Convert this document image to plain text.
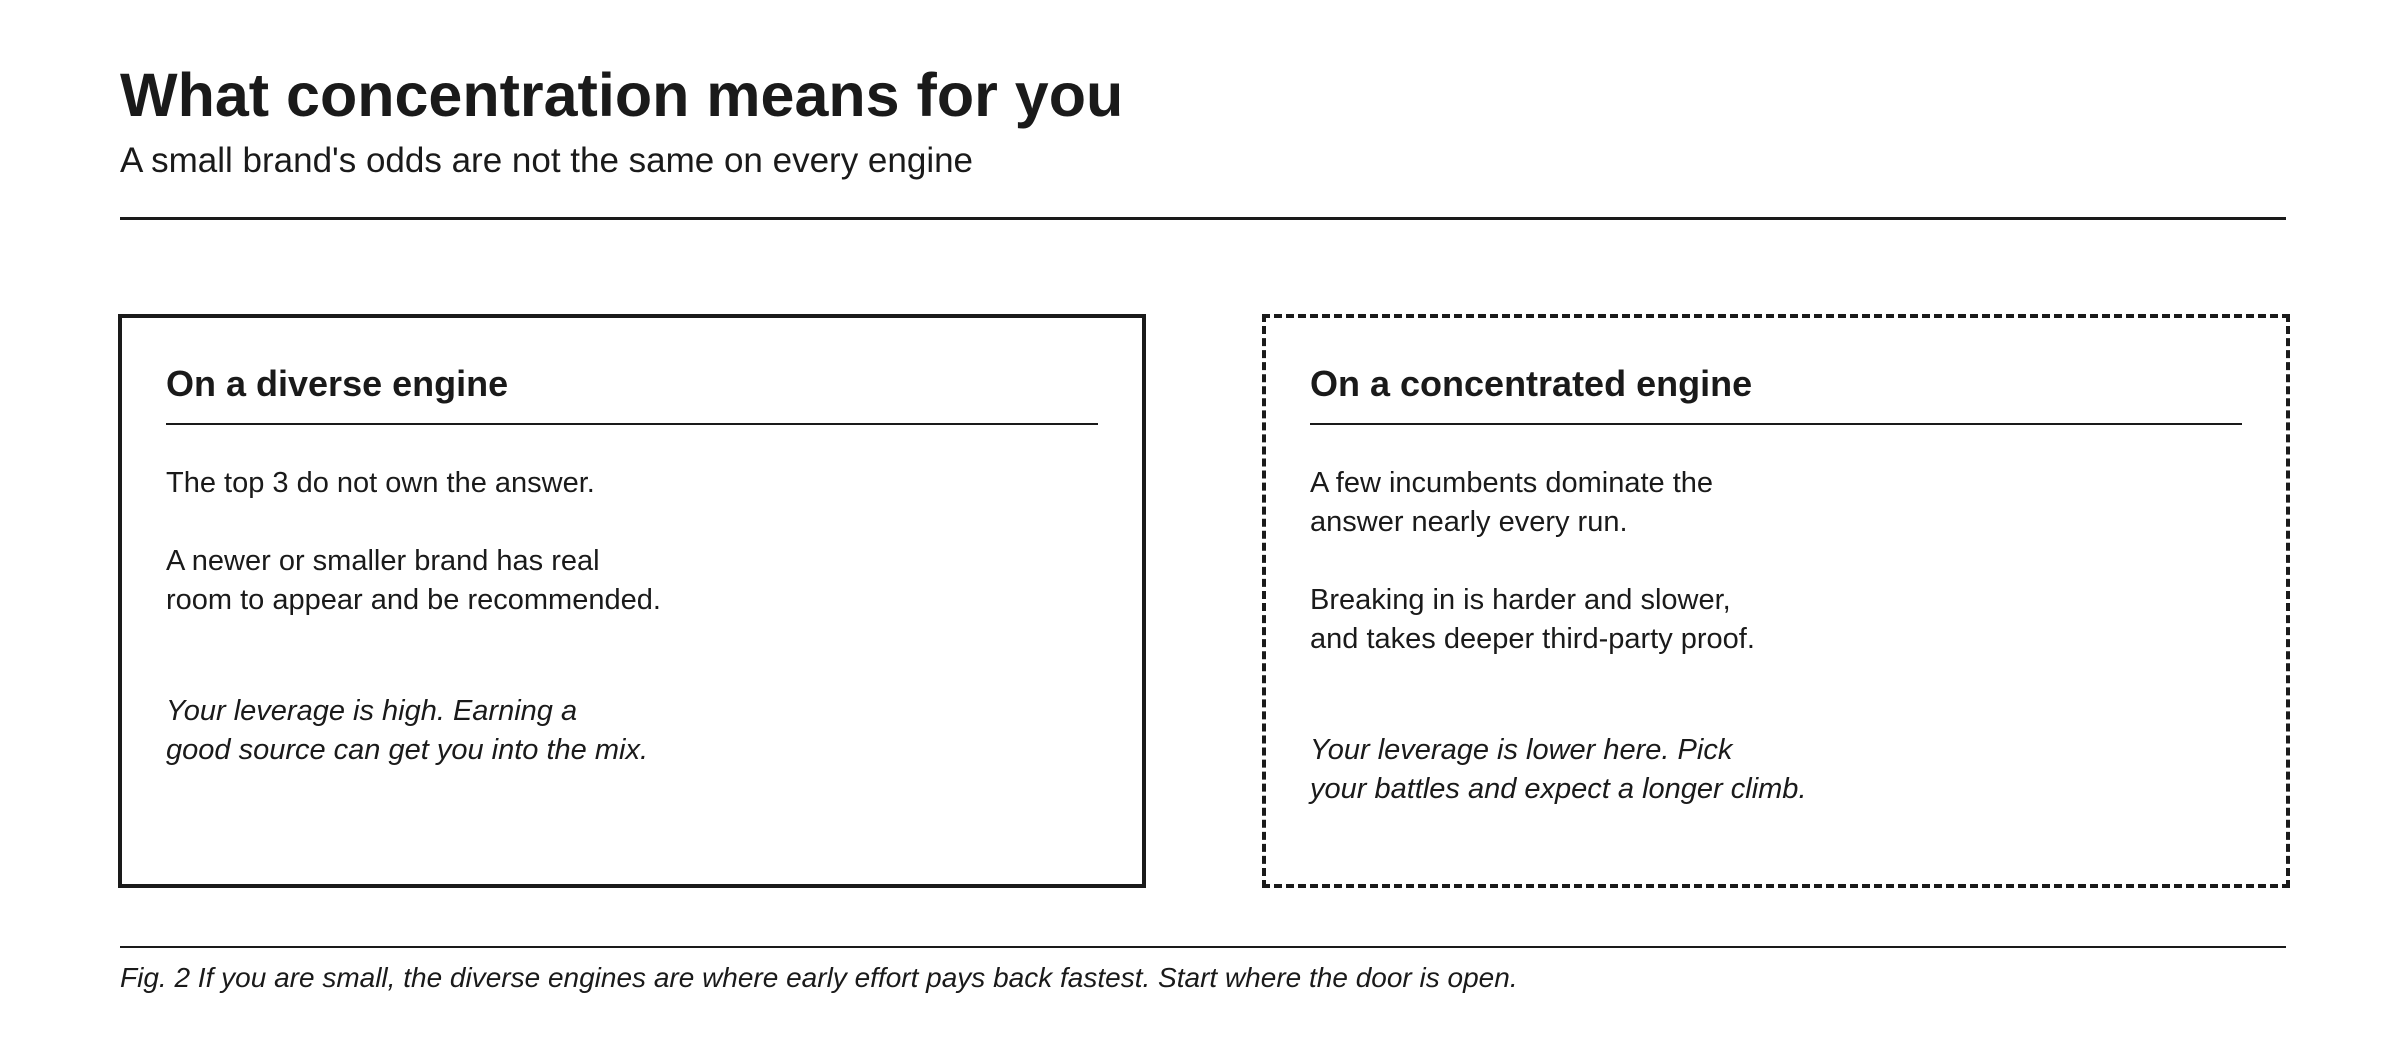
What concentration means for you

A small brand's odds are not the same on every engine

On a diverse engine

The top 3 do not own the answer.

A newer or smaller brand has real
room to appear and be recommended.

Your leverage is high. Earning a
good source can get you into the mix.

On a concentrated engine

A few incumbents dominate the
answer nearly every run.

Breaking in is harder and slower,
and takes deeper third-party proof.

Your leverage is lower here. Pick
your battles and expect a longer climb.

Fig. 2 If you are small, the diverse engines are where early effort pays back fastest. Start where the door is open.
